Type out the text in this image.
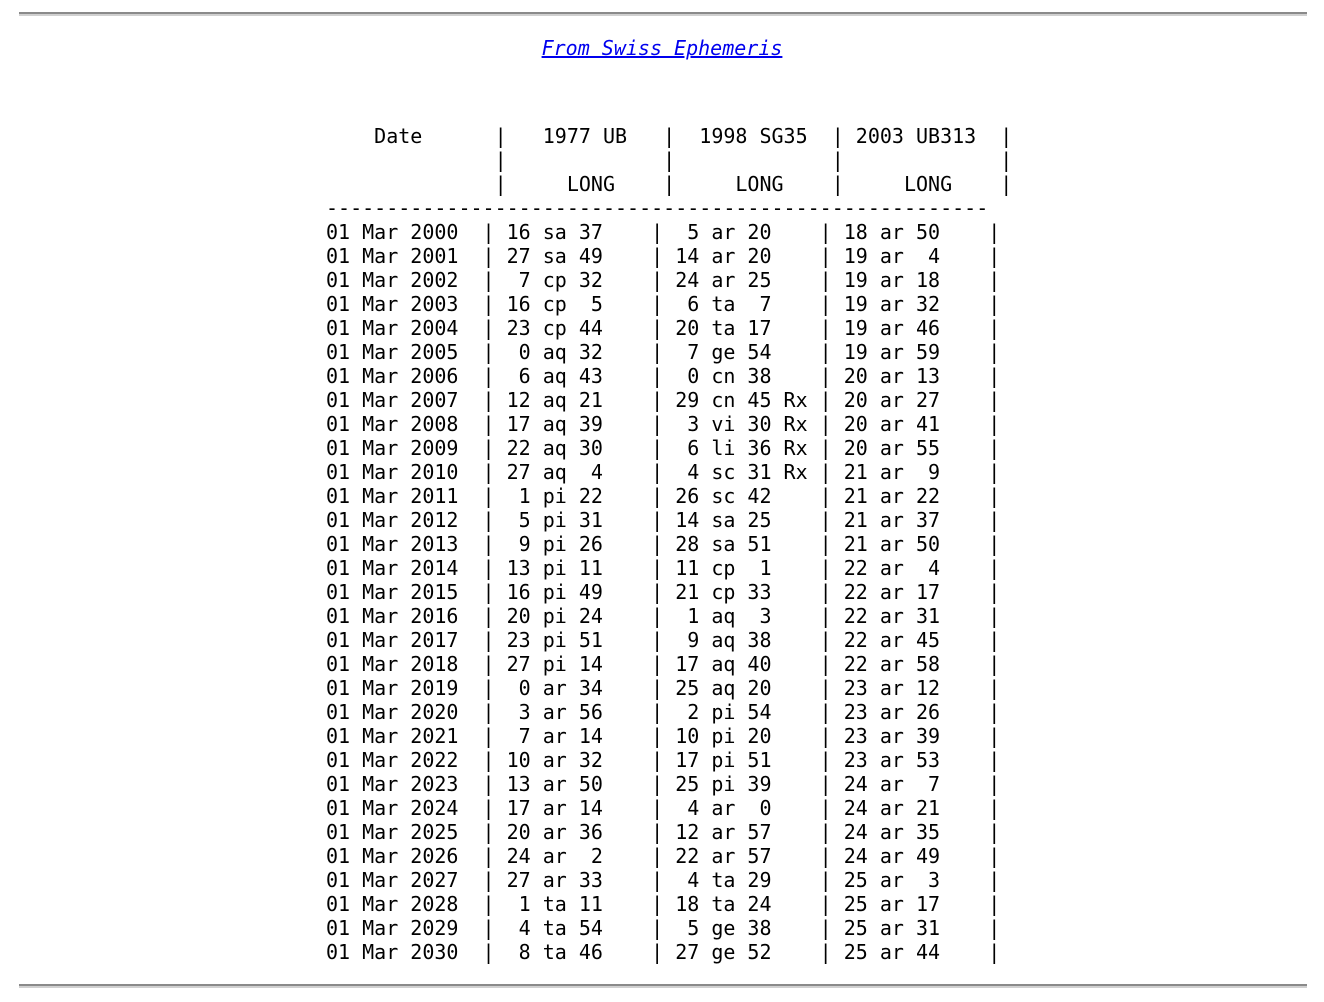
From Swiss Ephemeris
Date      |   1977 UB   |  1998 SG35  | 2003 UB313  |
|             |             |             |
|     LONG    |     LONG    |     LONG    |
-------------------------------------------------------
01 Mar 2000  | 16 sa 37    |  5 ar 20    | 18 ar 50    |
01 Mar 2001  | 27 sa 49    | 14 ar 20    | 19 ar  4    |
01 Mar 2002  |  7 cp 32    | 24 ar 25    | 19 ar 18    |
01 Mar 2003  | 16 cp  5    |  6 ta  7    | 19 ar 32    |
01 Mar 2004  | 23 cp 44    | 20 ta 17    | 19 ar 46    |
01 Mar 2005  |  0 aq 32    |  7 ge 54    | 19 ar 59    |
01 Mar 2006  |  6 aq 43    |  0 cn 38    | 20 ar 13    |
01 Mar 2007  | 12 aq 21    | 29 cn 45 Rx | 20 ar 27    |
01 Mar 2008  | 17 aq 39    |  3 vi 30 Rx | 20 ar 41    |
01 Mar 2009  | 22 aq 30    |  6 li 36 Rx | 20 ar 55    |
01 Mar 2010  | 27 aq  4    |  4 sc 31 Rx | 21 ar  9    |
01 Mar 2011  |  1 pi 22    | 26 sc 42    | 21 ar 22    |
01 Mar 2012  |  5 pi 31    | 14 sa 25    | 21 ar 37    |
01 Mar 2013  |  9 pi 26    | 28 sa 51    | 21 ar 50    |
01 Mar 2014  | 13 pi 11    | 11 cp  1    | 22 ar  4    |
01 Mar 2015  | 16 pi 49    | 21 cp 33    | 22 ar 17    |
01 Mar 2016  | 20 pi 24    |  1 aq  3    | 22 ar 31    |
01 Mar 2017  | 23 pi 51    |  9 aq 38    | 22 ar 45    |
01 Mar 2018  | 27 pi 14    | 17 aq 40    | 22 ar 58    |
01 Mar 2019  |  0 ar 34    | 25 aq 20    | 23 ar 12    |
01 Mar 2020  |  3 ar 56    |  2 pi 54    | 23 ar 26    |
01 Mar 2021  |  7 ar 14    | 10 pi 20    | 23 ar 39    |
01 Mar 2022  | 10 ar 32    | 17 pi 51    | 23 ar 53    |
01 Mar 2023  | 13 ar 50    | 25 pi 39    | 24 ar  7    |
01 Mar 2024  | 17 ar 14    |  4 ar  0    | 24 ar 21    |
01 Mar 2025  | 20 ar 36    | 12 ar 57    | 24 ar 35    |
01 Mar 2026  | 24 ar  2    | 22 ar 57    | 24 ar 49    |
01 Mar 2027  | 27 ar 33    |  4 ta 29    | 25 ar  3    |
01 Mar 2028  |  1 ta 11    | 18 ta 24    | 25 ar 17    |
01 Mar 2029  |  4 ta 54    |  5 ge 38    | 25 ar 31    |
01 Mar 2030  |  8 ta 46    | 27 ge 52    | 25 ar 44    |
